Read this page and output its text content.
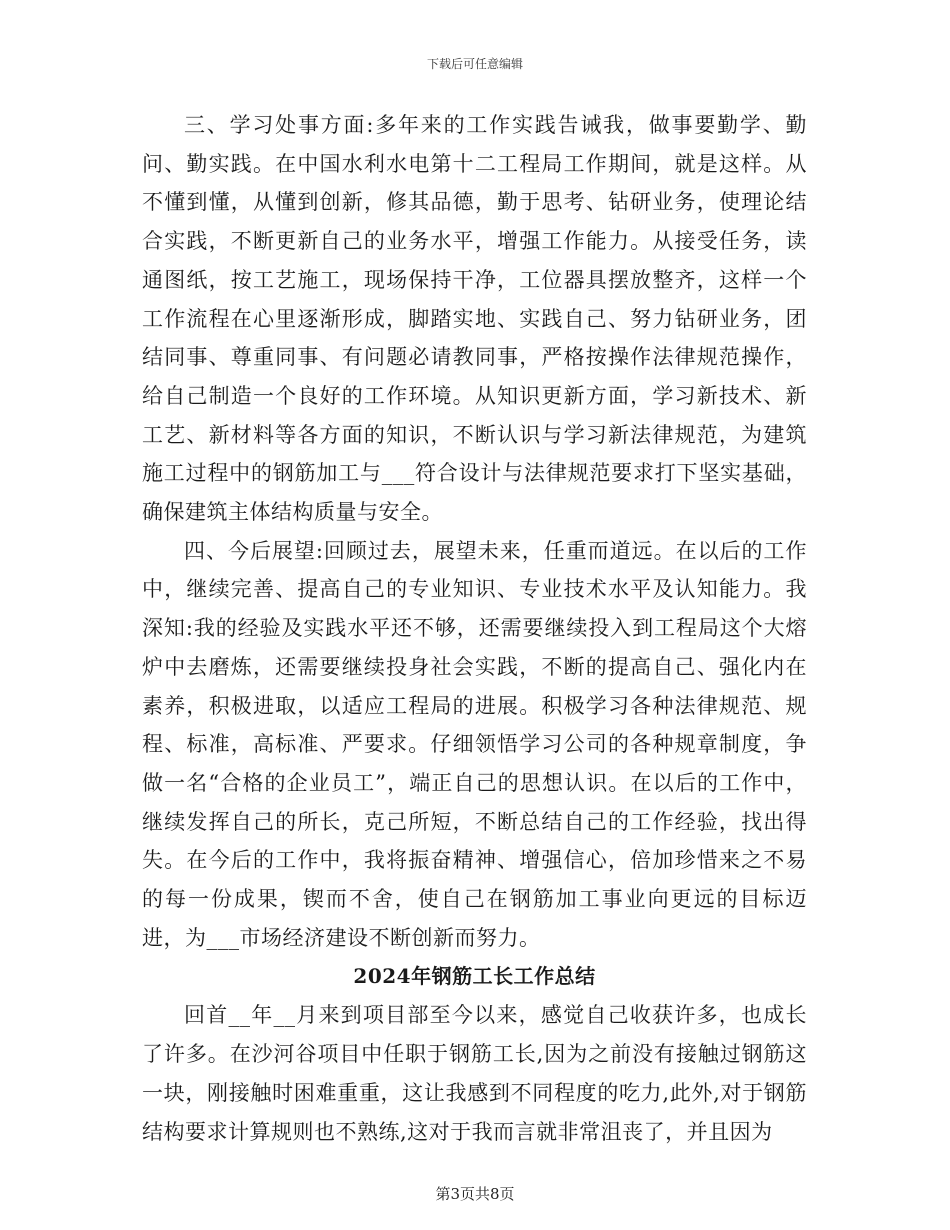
下载后可任意编辑

三、学习处事方面:多年来的工作实践告诫我，做事要勤学、勤问、勤实践。在中国水利水电第十二工程局工作期间，就是这样。从不懂到懂，从懂到创新，修其品德，勤于思考、钻研业务，使理论结合实践，不断更新自己的业务水平，增强工作能力。从接受任务，读通图纸，按工艺施工，现场保持干净，工位器具摆放整齐，这样一个工作流程在心里逐渐形成，脚踏实地、实践自己、努力钻研业务，团结同事、尊重同事、有问题必请教同事，严格按操作法律规范操作，给自己制造一个良好的工作环境。从知识更新方面，学习新技术、新工艺、新材料等各方面的知识，不断认识与学习新法律规范，为建筑施工过程中的钢筋加工与___符合设计与法律规范要求打下坚实基础，确保建筑主体结构质量与安全。

四、今后展望:回顾过去，展望未来，任重而道远。在以后的工作中，继续完善、提高自己的专业知识、专业技术水平及认知能力。我深知:我的经验及实践水平还不够，还需要继续投入到工程局这个大熔炉中去磨炼，还需要继续投身社会实践，不断的提高自己、强化内在素养，积极进取，以适应工程局的进展。积极学习各种法律规范、规程、标准，高标准、严要求。仔细领悟学习公司的各种规章制度，争做一名“合格的企业员工”，端正自己的思想认识。在以后的工作中，继续发挥自己的所长，克己所短，不断总结自己的工作经验，找出得失。在今后的工作中，我将振奋精神、增强信心，倍加珍惜来之不易的每一份成果，锲而不舍，使自己在钢筋加工事业向更远的目标迈进，为___市场经济建设不断创新而努力。

2024年钢筋工长工作总结

回首__年__月来到项目部至今以来，感觉自己收获许多，也成长了许多。在沙河谷项目中任职于钢筋工长,因为之前没有接触过钢筋这一块，刚接触时困难重重，这让我感到不同程度的吃力,此外,对于钢筋结构要求计算规则也不熟练,这对于我而言就非常沮丧了，并且因为

第3页共8页
